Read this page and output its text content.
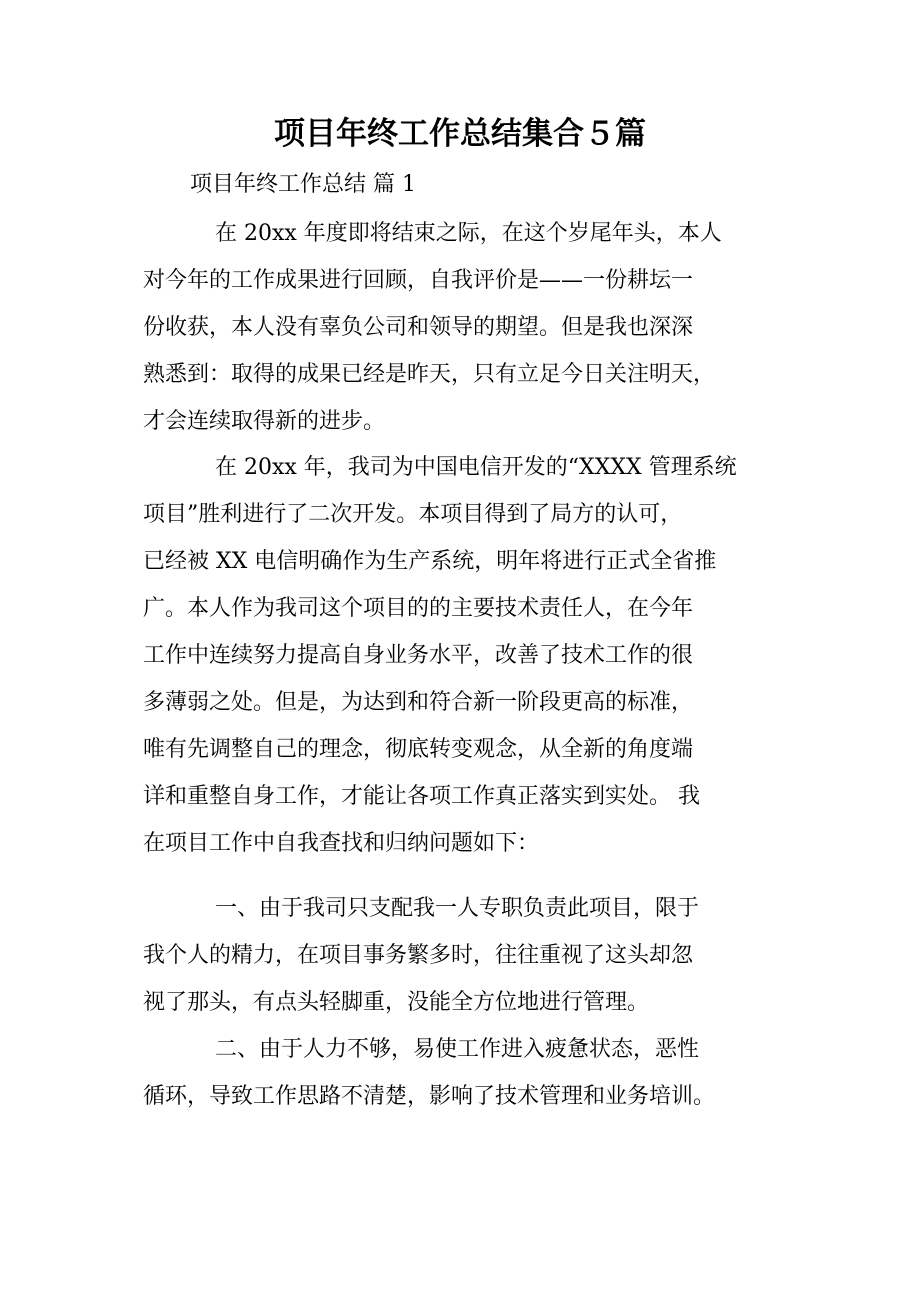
项目年终工作总结集合５篇
项目年终工作总结 篇 1
在 20xx 年度即将结束之际，在这个岁尾年头，本人
对今年的工作成果进行回顾，自我评价是——一份耕坛一
份收获，本人没有辜负公司和领导的期望。但是我也深深
熟悉到：取得的成果已经是昨天，只有立足今日关注明天，
才会连续取得新的进步。
在 20xx 年，我司为中国电信开发的“XXXX 管理系统
项目”胜利进行了二次开发。本项目得到了局方的认可，
已经被 XX 电信明确作为生产系统，明年将进行正式全省推
广。本人作为我司这个项目的的主要技术责任人，在今年
工作中连续努力提高自身业务水平，改善了技术工作的很
多薄弱之处。但是，为达到和符合新一阶段更高的标准，
唯有先调整自己的理念，彻底转变观念，从全新的角度端
详和重整自身工作，才能让各项工作真正落实到实处。 我
在项目工作中自我查找和归纳问题如下：
一、由于我司只支配我一人专职负责此项目，限于
我个人的精力，在项目事务繁多时，往往重视了这头却忽
视了那头，有点头轻脚重，没能全方位地进行管理。
二、由于人力不够，易使工作进入疲惫状态，恶性
循环，导致工作思路不清楚，影响了技术管理和业务培训。
